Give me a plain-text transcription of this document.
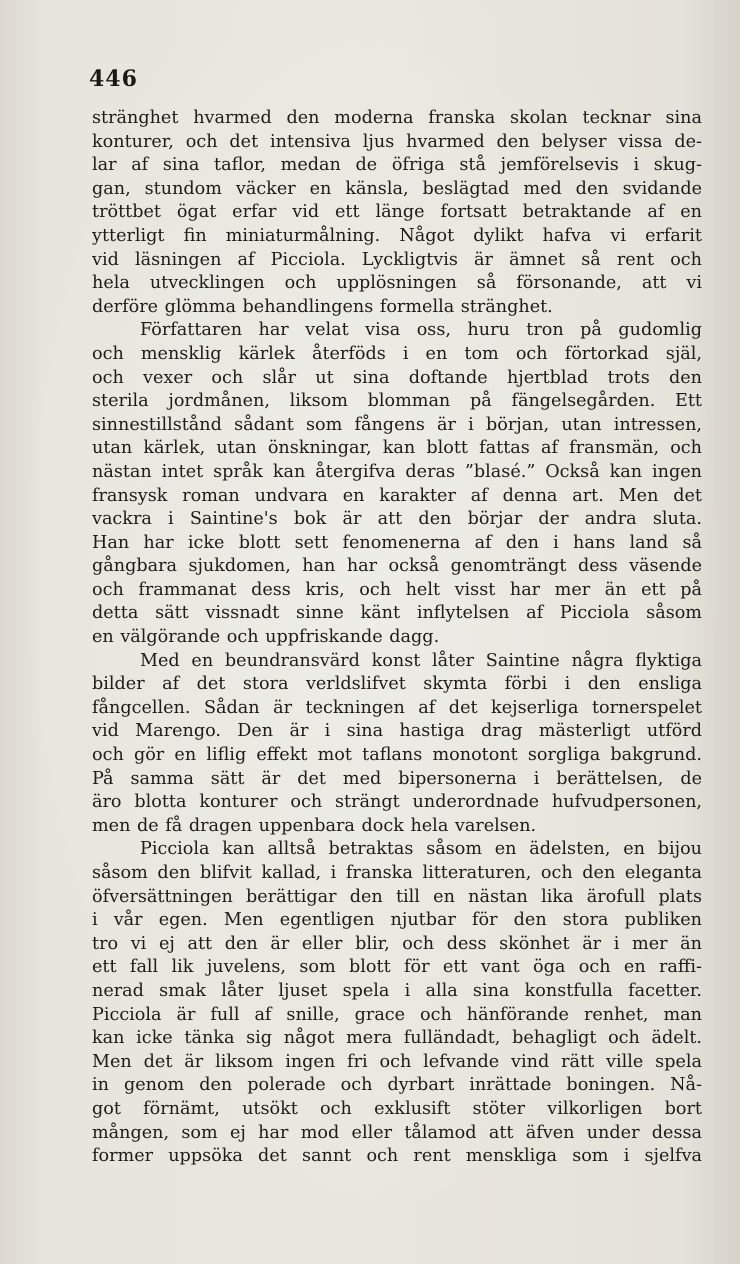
446
stränghet hvarmed den moderna franska skolan tecknar sina
konturer, och det intensiva ljus hvarmed den belyser vissa de-
lar af sina taflor, medan de öfriga stå jemförelsevis i skug-
gan, stundom väcker en känsla, beslägtad med den svidande
tröttbet ögat erfar vid ett länge fortsatt betraktande af en
ytterligt fin miniaturmålning. Något dylikt hafva vi erfarit
vid läsningen af Picciola. Lyckligtvis är ämnet så rent och
hela utvecklingen och upplösningen så försonande, att vi
derföre glömma behandlingens formella stränghet.
Författaren har velat visa oss, huru tron på gudomlig
och mensklig kärlek återföds i en tom och förtorkad själ,
och vexer och slår ut sina doftande hjertblad trots den
sterila jordmånen, liksom blomman på fängelsegården. Ett
sinnestillstånd sådant som fångens är i början, utan intressen,
utan kärlek, utan önskningar, kan blott fattas af fransmän, och
nästan intet språk kan återgifva deras ”blasé.” Också kan ingen
fransysk roman undvara en karakter af denna art. Men det
vackra i Saintine's bok är att den börjar der andra sluta.
Han har icke blott sett fenomenerna af den i hans land så
gångbara sjukdomen, han har också genomträngt dess väsende
och frammanat dess kris, och helt visst har mer än ett på
detta sätt vissnadt sinne känt inflytelsen af Picciola såsom
en välgörande och uppfriskande dagg.
Med en beundransvärd konst låter Saintine några flyktiga
bilder af det stora verldslifvet skymta förbi i den ensliga
fångcellen. Sådan är teckningen af det kejserliga tornerspelet
vid Marengo. Den är i sina hastiga drag mästerligt utförd
och gör en liflig effekt mot taflans monotont sorgliga bakgrund.
På samma sätt är det med bipersonerna i berättelsen, de
äro blotta konturer och strängt underordnade hufvudpersonen,
men de få dragen uppenbara dock hela varelsen.
Picciola kan alltså betraktas såsom en ädelsten, en bijou
såsom den blifvit kallad, i franska litteraturen, och den eleganta
öfversättningen berättigar den till en nästan lika ärofull plats
i vår egen. Men egentligen njutbar för den stora publiken
tro vi ej att den är eller blir, och dess skönhet är i mer än
ett fall lik juvelens, som blott för ett vant öga och en raffi-
nerad smak låter ljuset spela i alla sina konstfulla facetter.
Picciola är full af snille, grace och hänförande renhet, man
kan icke tänka sig något mera fulländadt, behagligt och ädelt.
Men det är liksom ingen fri och lefvande vind rätt ville spela
in genom den polerade och dyrbart inrättade boningen. Nå-
got förnämt, utsökt och exklusift stöter vilkorligen bort
mången, som ej har mod eller tålamod att äfven under dessa
former uppsöka det sannt och rent menskliga som i sjelfva
